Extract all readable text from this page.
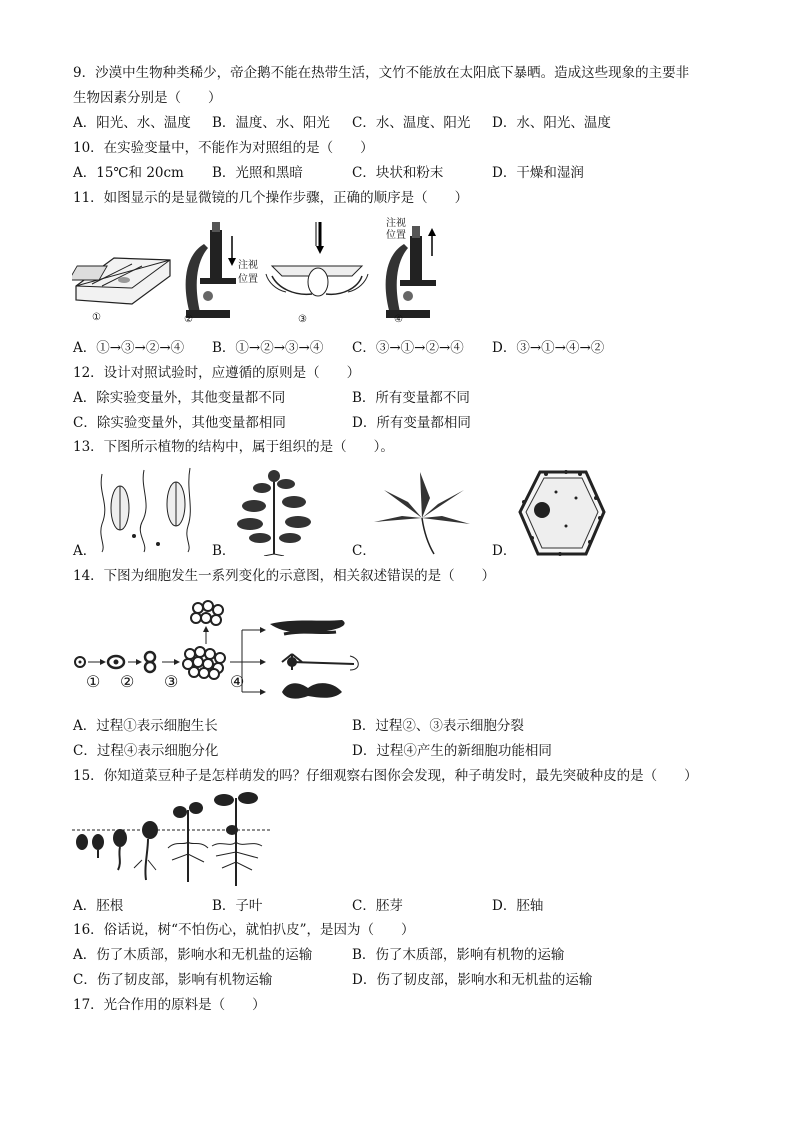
9．沙漠中生物种类稀少，帝企鹅不能在热带生活，文竹不能放在太阳底下暴晒。造成这些现象的主要非
生物因素分别是（　　）
A．阳光、水、温度 B．温度、水、阳光 C．水、温度、阳光 D．水、阳光、温度
10．在实验变量中，不能作为对照组的是（　　）
A．15℃和 20cm B．光照和黑暗	C．块状和粉末	D．干燥和湿润
11．如图显示的是显微镜的几个操作步骤，正确的顺序是（　　）
注视
位置
注视
位置
①	②	③	④
A．①→③→②→④ B．①→②→③→④ C．③→①→②→④ D．③→①→④→②
12．设计对照试验时，应遵循的原则是（　　）
A．除实验变量外，其他变量都不同	B．所有变量都不同
C．除实验变量外，其他变量都相同	D．所有变量都相同
13．下图所示植物的结构中，属于组织的是（　　）。
A．	B．	C．	D．
14．下图为细胞发生一系列变化的示意图，相关叙述错误的是（　　）
① ② ③	④
A．过程①表示细胞生长	B．过程②、③表示细胞分裂
C．过程④表示细胞分化	D．过程④产生的新细胞功能相同
15．你知道菜豆种子是怎样萌发的吗？仔细观察右图你会发现，种子萌发时，最先突破种皮的是（　　）
A．胚根	B．子叶	C．胚芽	D．胚轴
16．俗话说，树“不怕伤心，就怕扒皮”，是因为（　　）
A．伤了木质部，影响水和无机盐的运输	B．伤了木质部，影响有机物的运输
C．伤了韧皮部，影响有机物运输	D．伤了韧皮部，影响水和无机盐的运输
17．光合作用的原料是（　　）
